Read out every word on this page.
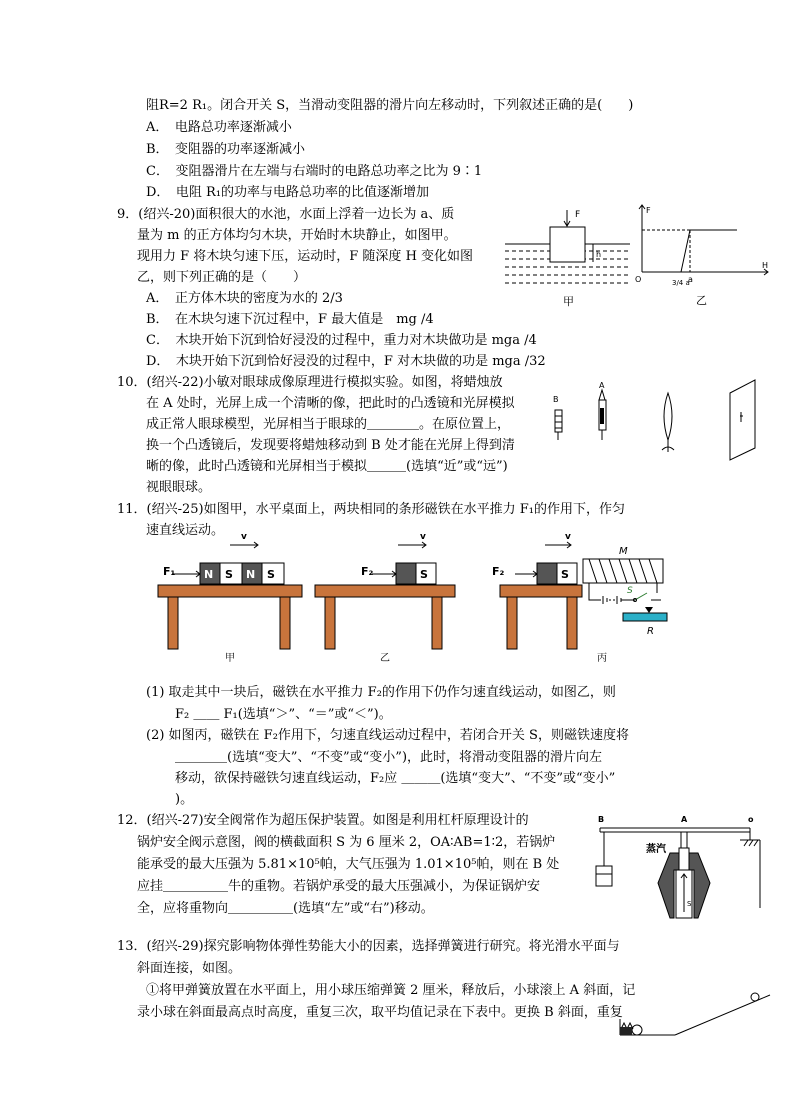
阻R=2 R₁。闭合开关 S，当滑动变阻器的滑片向左移动时，下列叙述正确的是(　　)
A．　电路总功率逐渐减小
B．　变阻器的功率逐渐减小
C．　变阻器滑片在左端与右端时的电路总功率之比为 9∶1
D．　电阻 R₁的功率与电路总功率的比值逐渐增加
9．(绍兴-20)面积很大的水池，水面上浮着一边长为 a、质
量为 m 的正方体均匀木块，开始时木块静止，如图甲。
现用力 F 将木块匀速下压，运动时，F 随深度 H 变化如图
乙，则下列正确的是（　　）
A．　正方体木块的密度为水的 2/3
B．　在木块匀速下沉过程中，F 最大值是　mg /4
C．　木块开始下沉到恰好浸没的过程中，重力对木块做功是 mga /4
D．　木块开始下沉到恰好浸没的过程中，F 对木块做的功是 mga /32
F
h
甲
F
H
O	a
3/4 a
乙
10．(绍兴-22)小敏对眼球成像原理进行模拟实验。如图，将蜡烛放
在 A 处时，光屏上成一个清晰的像，把此时的凸透镜和光屏模拟
成正常人眼球模型，光屏相当于眼球的＿＿＿＿。在原位置上，
换一个凸透镜后，发现要将蜡烛移动到 B 处才能在光屏上得到清
晰的像，此时凸透镜和光屏相当于模拟＿＿＿(选填“近”或“远”)
视眼眼球。
B
A
11．(绍兴-25)如图甲，水平桌面上，两块相同的条形磁铁在水平推力 F₁的作用下，作匀
速直线运动。 v
F₁	N S N S
甲
v
F₂	S
乙
v
F₂	S
M
S
R
丙
(1) 取走其中一块后，磁铁在水平推力 F₂的作用下仍作匀速直线运动，如图乙，则
F₂ ＿＿ F₁(选填“＞”、“＝”或“＜”)。
(2) 如图丙，磁铁在 F₂作用下，匀速直线运动过程中，若闭合开关 S，则磁铁速度将
＿＿＿＿(选填“变大”、“不变”或“变小”)，此时，将滑动变阻器的滑片向左
移动，欲保持磁铁匀速直线运动，F₂应 ＿＿＿(选填“变大”、“不变”或“变小”
)。
12．(绍兴-27)安全阀常作为超压保护装置。如图是利用杠杆原理设计的
锅炉安全阀示意图，阀的横截面积 S 为 6 厘米 2，OA∶AB=1∶2，若锅炉
能承受的最大压强为 5.81×10⁵帕，大气压强为 1.01×10⁵帕，则在 B 处
应挂＿＿＿＿＿牛的重物。若锅炉承受的最大压强减小，为保证锅炉安
全，应将重物向＿＿＿＿＿(选填“左”或“右”)移动。
B	A	o
蒸汽
S
13．(绍兴-29)探究影响物体弹性势能大小的因素，选择弹簧进行研究。将光滑水平面与
斜面连接，如图。
①将甲弹簧放置在水平面上，用小球压缩弹簧 2 厘米，释放后，小球滚上 A 斜面，记
录小球在斜面最高点时高度，重复三次，取平均值记录在下表中。更换 B 斜面，重复
